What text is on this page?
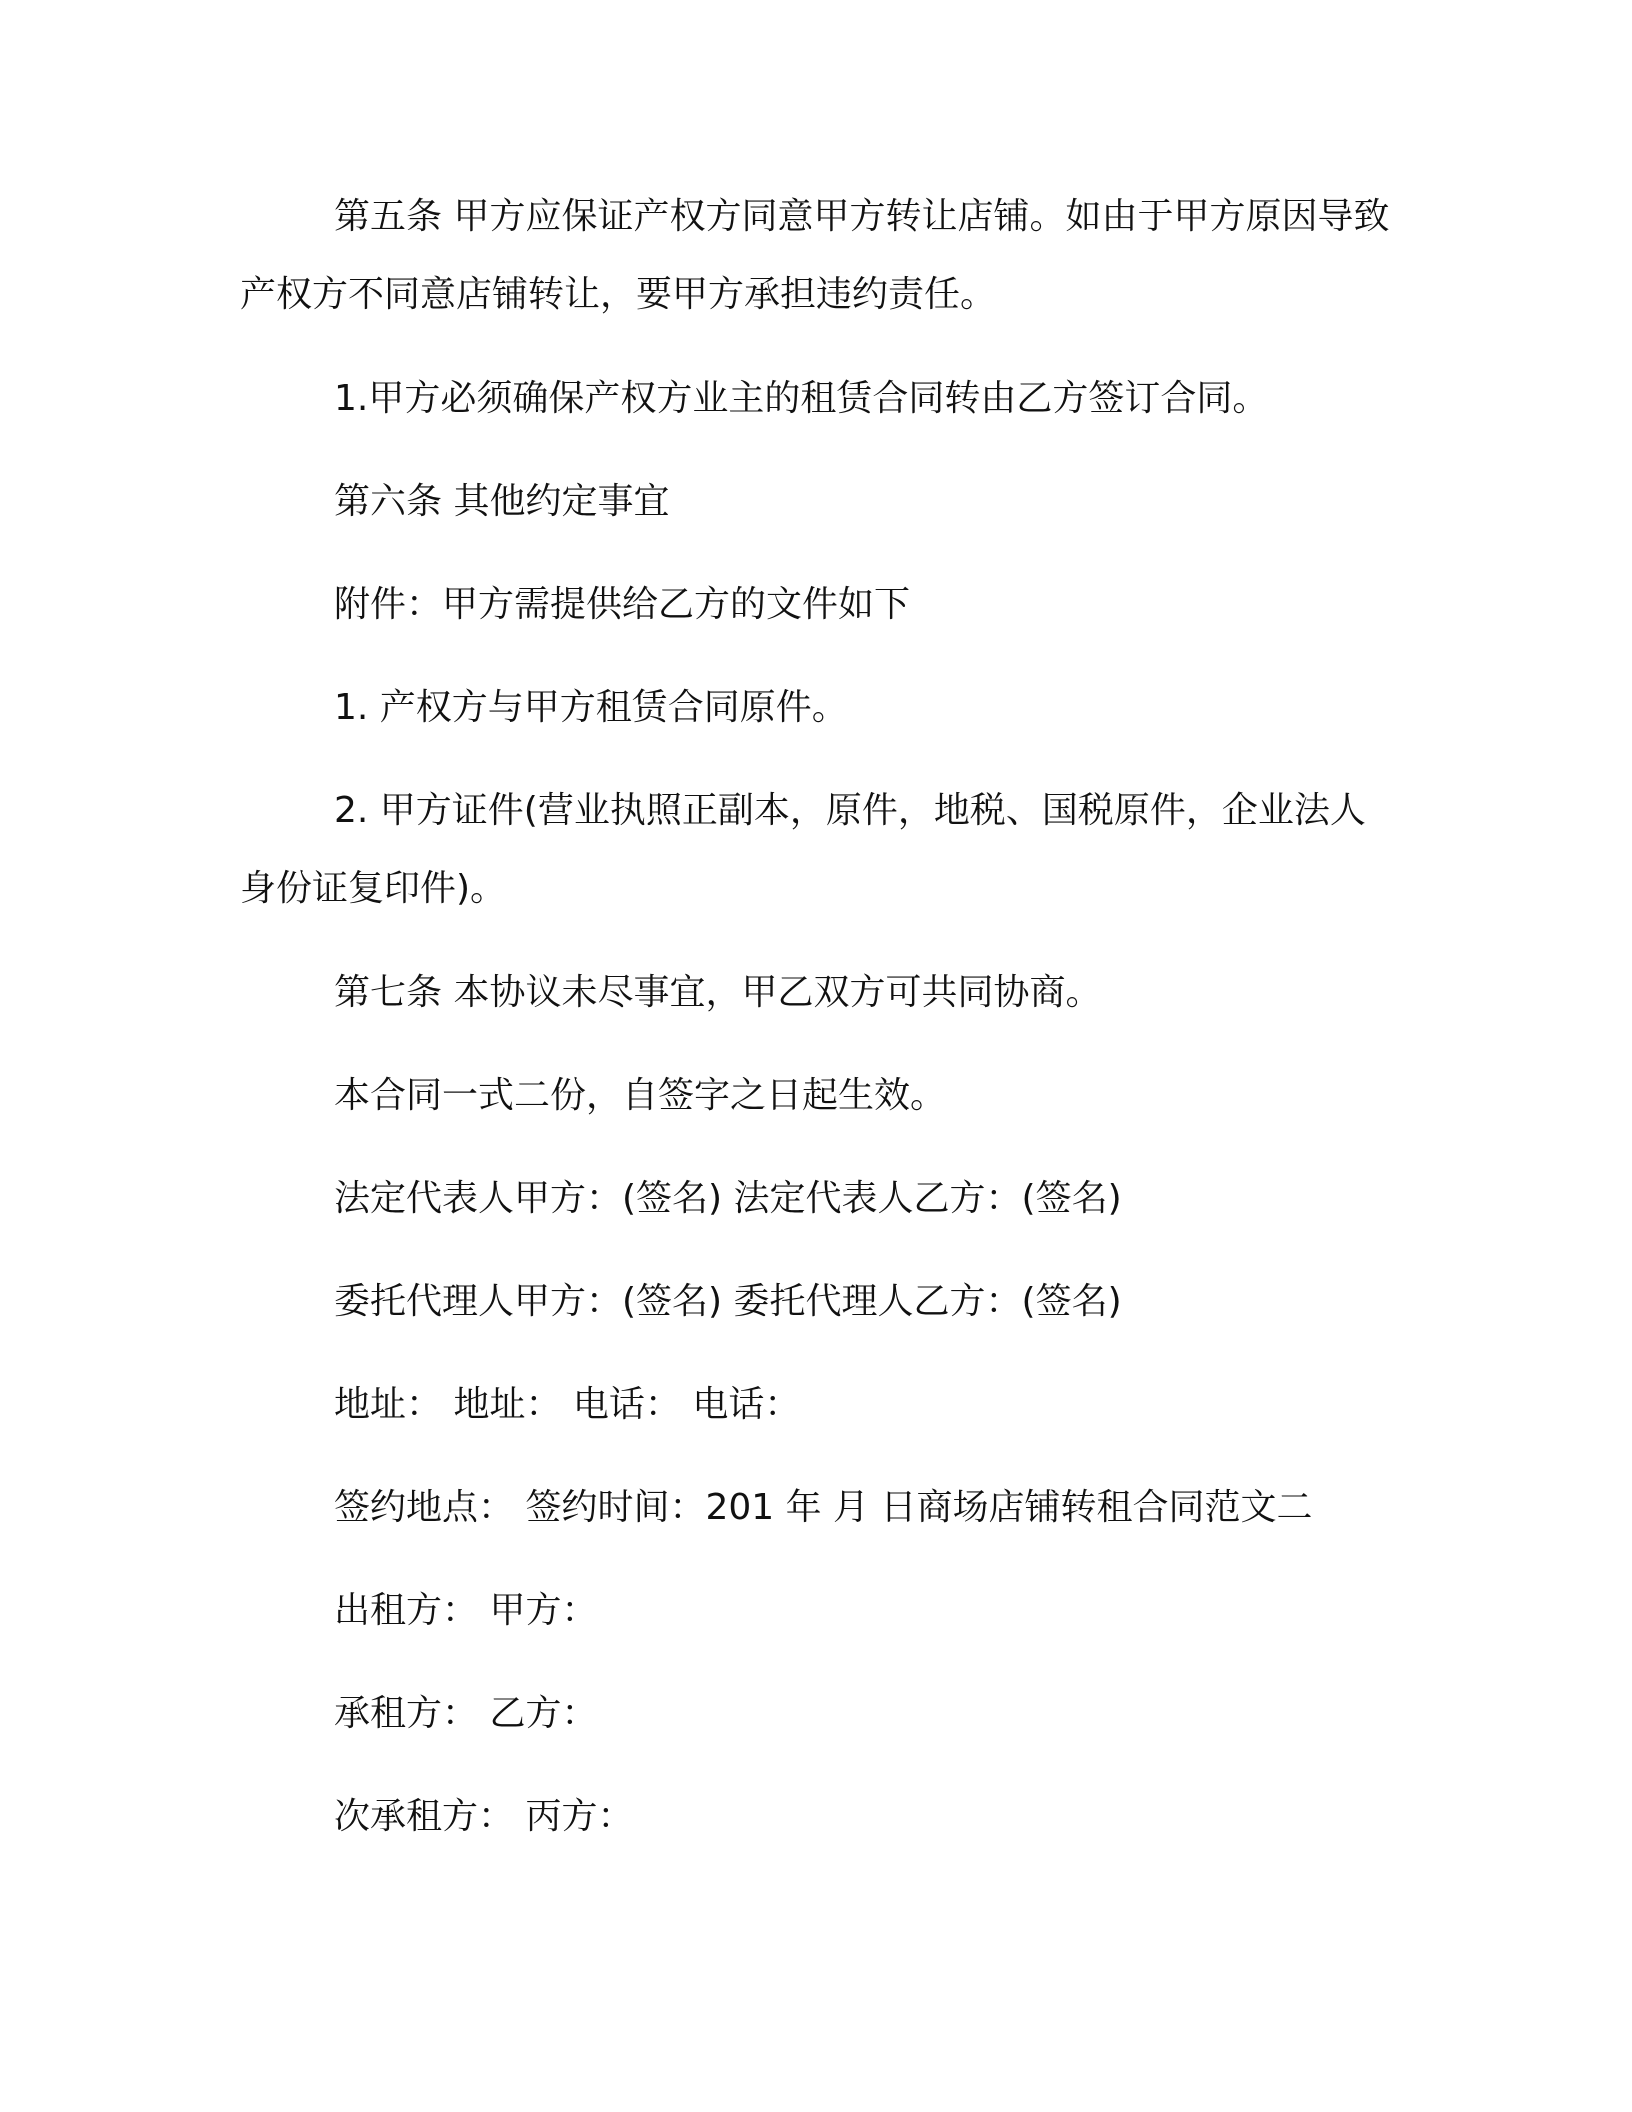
第五条 甲方应保证产权方同意甲方转让店铺。如由于甲方原因导致产权方不同意店铺转让，要甲方承担违约责任。

1.甲方必须确保产权方业主的租赁合同转由乙方签订合同。

第六条 其他约定事宜

附件：甲方需提供给乙方的文件如下

1. 产权方与甲方租赁合同原件。

2. 甲方证件(营业执照正副本，原件，地税、国税原件，企业法人身份证复印件)。

第七条 本协议未尽事宜，甲乙双方可共同协商。

本合同一式二份，自签字之日起生效。

法定代表人甲方：(签名) 法定代表人乙方：(签名)

委托代理人甲方：(签名) 委托代理人乙方：(签名)

地址： 地址： 电话： 电话：

签约地点： 签约时间：201 年 月 日商场店铺转租合同范文二

出租方： 甲方：

承租方： 乙方：

次承租方： 丙方：
